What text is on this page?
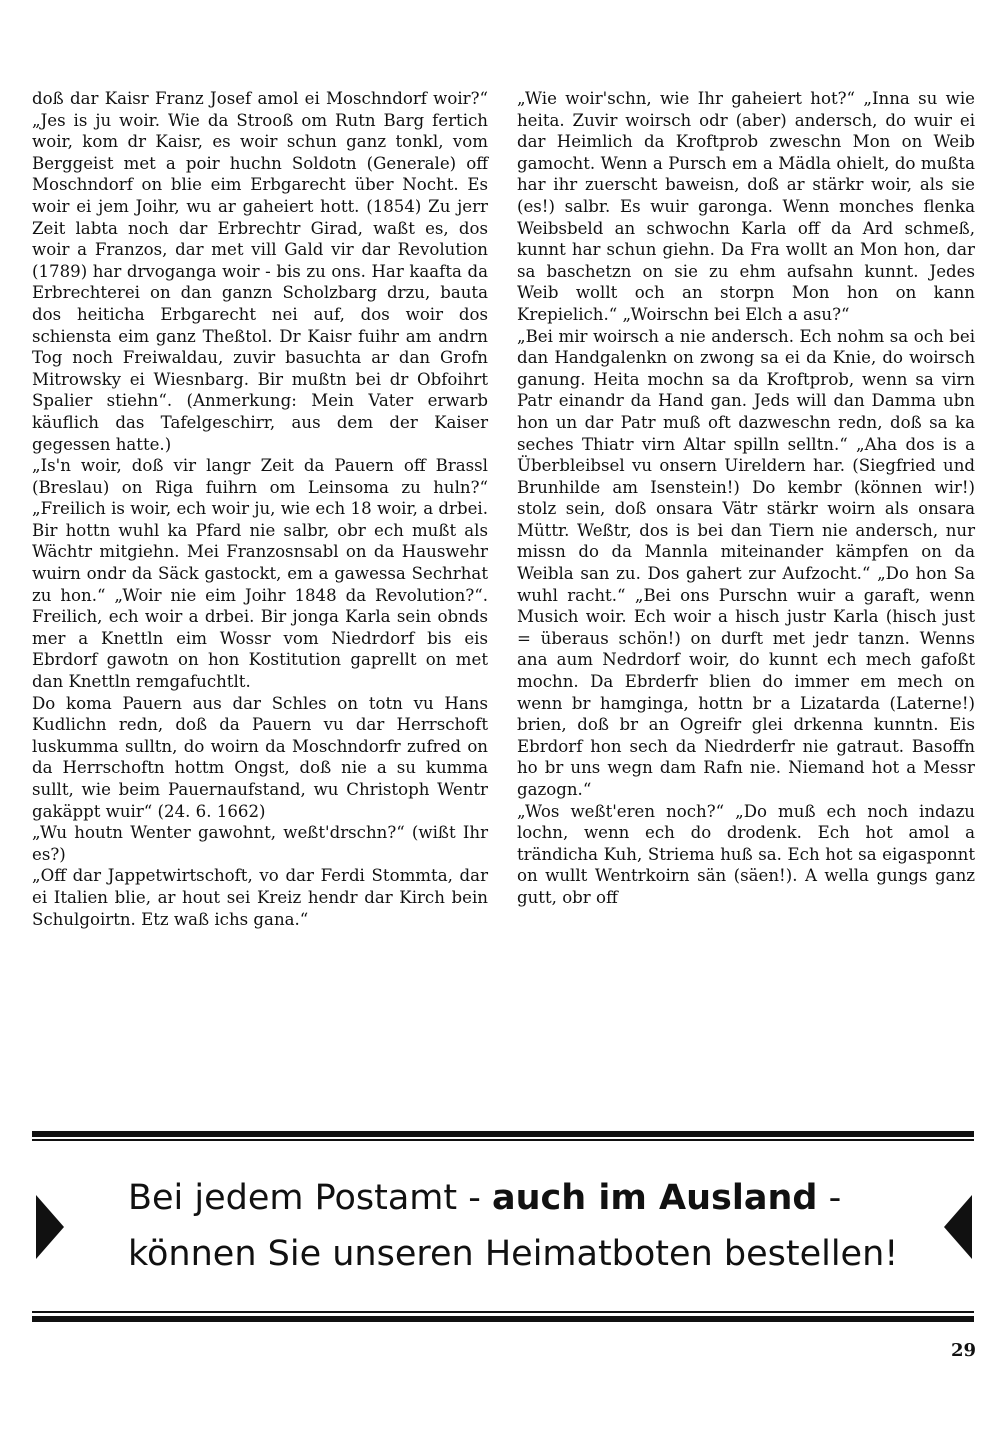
doß dar Kaisr Franz Josef amol ei Moschndorf woir?“ „Jes is ju woir. Wie da Strooß om Rutn Barg fertich woir, kom dr Kaisr, es woir schun ganz tonkl, vom Berggeist met a poir huchn Soldotn (Generale) off Moschndorf on blie eim Erbgarecht über Nocht. Es woir ei jem Joihr, wu ar gaheiert hott. (1854) Zu jerr Zeit labta noch dar Erbrechtr Girad, waßt es, dos woir a Franzos, dar met vill Gald vir dar Revolution (1789) har drvoganga woir - bis zu ons. Har kaafta da Erbrechterei on dan ganzn Scholzbarg drzu, bauta dos heiticha Erbgarecht nei auf, dos woir dos schiensta eim ganz Theßtol. Dr Kaisr fuihr am andrn Tog noch Freiwaldau, zuvir basuchta ar dan Grofn Mitrowsky ei Wiesnbarg. Bir mußtn bei dr Obfoihrt Spalier stiehn“. (Anmerkung: Mein Vater erwarb käuflich das Tafelgeschirr, aus dem der Kaiser gegessen hatte.)

„Is'n woir, doß vir langr Zeit da Pauern off Brassl (Breslau) on Riga fuihrn om Leinsoma zu huln?“ „Freilich is woir, ech woir ju, wie ech 18 woir, a drbei. Bir hottn wuhl ka Pfard nie salbr, obr ech mußt als Wächtr mitgiehn. Mei Franzosnsabl on da Hauswehr wuirn ondr da Säck gastockt, em a gawessa Sechrhat zu hon.“ „Woir nie eim Joihr 1848 da Revolution?“. Freilich, ech woir a drbei. Bir jonga Karla sein obnds mer a Knettln eim Wossr vom Niedrdorf bis eis Ebrdorf gawotn on hon Kostitution gaprellt on met dan Knettln remgafuchtlt.

Do koma Pauern aus dar Schles on totn vu Hans Kudlichn redn, doß da Pauern vu dar Herrschoft luskumma sulltn, do woirn da Moschndorfr zufred on da Herrschoftn hottm Ongst, doß nie a su kumma sullt, wie beim Pauernaufstand, wu Christoph Wentr gakäppt wuir“ (24. 6. 1662)

„Wu houtn Wenter gawohnt, weßt'drschn?“ (wißt Ihr es?)

„Off dar Jappetwirtschoft, vo dar Ferdi Stommta, dar ei Italien blie, ar hout sei Kreiz hendr dar Kirch bein Schulgoirtn. Etz waß ichs gana.“

„Wie woir'schn, wie Ihr gaheiert hot?“ „Inna su wie heita. Zuvir woirsch odr (aber) andersch, do wuir ei dar Heimlich da Kroftprob zweschn Mon on Weib gamocht. Wenn a Pursch em a Mädla ohielt, do mußta har ihr zuerscht baweisn, doß ar stärkr woir, als sie (es!) salbr. Es wuir garonga. Wenn monches flenka Weibsbeld an schwochn Karla off da Ard schmeß, kunnt har schun giehn. Da Fra wollt an Mon hon, dar sa baschetzn on sie zu ehm aufsahn kunnt. Jedes Weib wollt och an storpn Mon hon on kann Krepielich.“ „Woirschn bei Elch a asu?“

„Bei mir woirsch a nie andersch. Ech nohm sa och bei dan Handgalenkn on zwong sa ei da Knie, do woirsch ganung. Heita mochn sa da Kroftprob, wenn sa virn Patr einandr da Hand gan. Jeds will dan Damma ubn hon un dar Patr muß oft dazweschn redn, doß sa ka seches Thiatr virn Altar spilln selltn.“ „Aha dos is a Überbleibsel vu onsern Uireldern har. (Siegfried und Brunhilde am Isenstein!) Do kembr (können wir!) stolz sein, doß onsara Vätr stärkr woirn als onsara Müttr. Weßtr, dos is bei dan Tiern nie andersch, nur missn do da Mannla miteinander kämpfen on da Weibla san zu. Dos gahert zur Aufzocht.“ „Do hon Sa wuhl racht.“ „Bei ons Purschn wuir a garaft, wenn Musich woir. Ech woir a hisch justr Karla (hisch just = überaus schön!) on durft met jedr tanzn. Wenns ana aum Nedrdorf woir, do kunnt ech mech gafoßt mochn. Da Ebrderfr blien do immer em mech on wenn br hamginga, hottn br a Lizatarda (Laterne!) brien, doß br an Ogreifr glei drkenna kunntn. Eis Ebrdorf hon sech da Niedrderfr nie gatraut. Basoffn ho br uns wegn dam Rafn nie. Niemand hot a Messr gazogn.“

„Wos weßt'eren noch?“ „Do muß ech noch indazu lochn, wenn ech do drodenk. Ech hot amol a trändicha Kuh, Striema huß sa. Ech hot sa eigasponnt on wullt Wentrkoirn sän (säen!). A wella gungs ganz gutt, obr off

Bei jedem Postamt - auch im Ausland -
können Sie unseren Heimatboten bestellen!
29
